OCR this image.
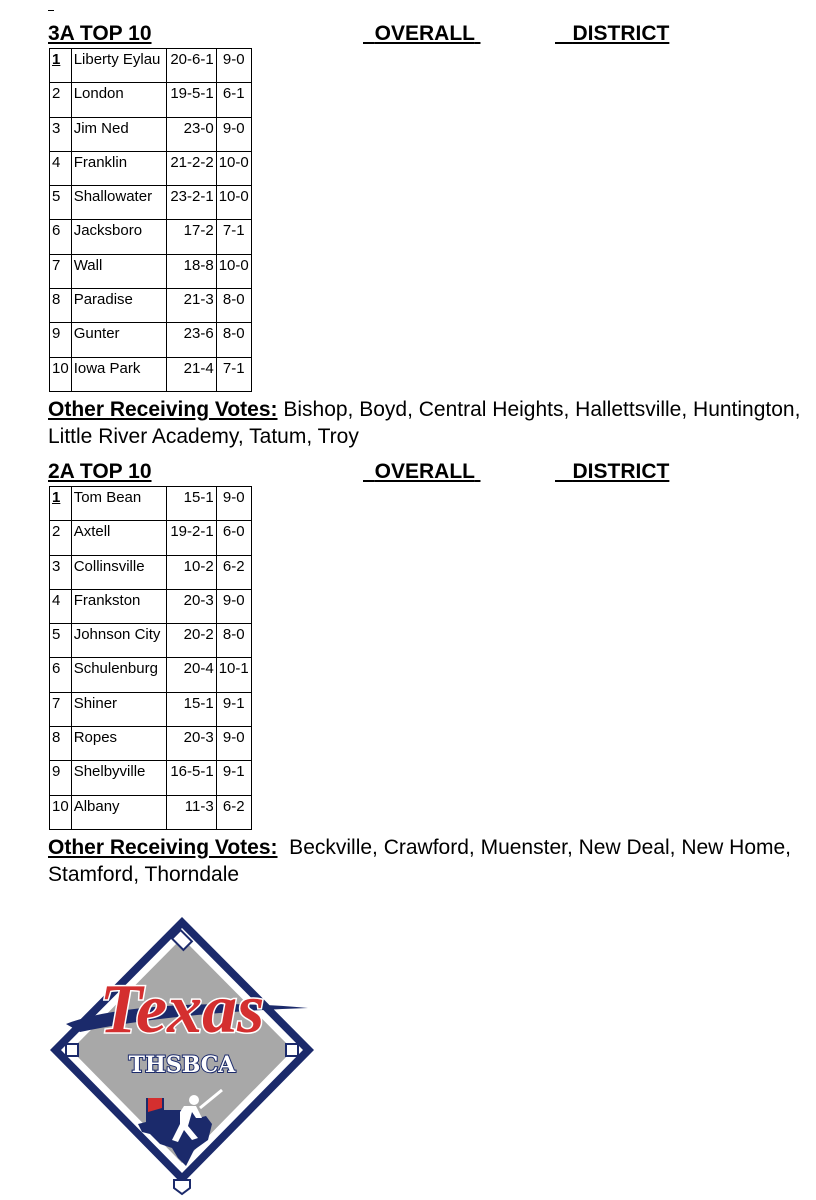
3A TOP 10	OVERALL	DISTRICT
1	Liberty Eylau	20-6-1	9-0
2	London	19-5-1	6-1
3	Jim Ned	23-0	9-0
4	Franklin	21-2-2	10-0
5	Shallowater	23-2-1	10-0
6	Jacksboro	17-2	7-1
7	Wall	18-8	10-0
8	Paradise	21-3	8-0
9	Gunter	23-6	8-0
10	Iowa Park	21-4	7-1
Other Receiving Votes: Bishop, Boyd, Central Heights, Hallettsville, Huntington, Little River Academy, Tatum, Troy
2A TOP 10	OVERALL	DISTRICT
1	Tom Bean	15-1	9-0
2	Axtell	19-2-1	6-0
3	Collinsville	10-2	6-2
4	Frankston	20-3	9-0
5	Johnson City	20-2	8-0
6	Schulenburg	20-4	10-1
7	Shiner	15-1	9-1
8	Ropes	20-3	9-0
9	Shelbyville	16-5-1	9-1
10	Albany	11-3	6-2
Other Receiving Votes:  Beckville, Crawford, Muenster, New Deal, New Home, Stamford, Thorndale
Texas
THSBCA
